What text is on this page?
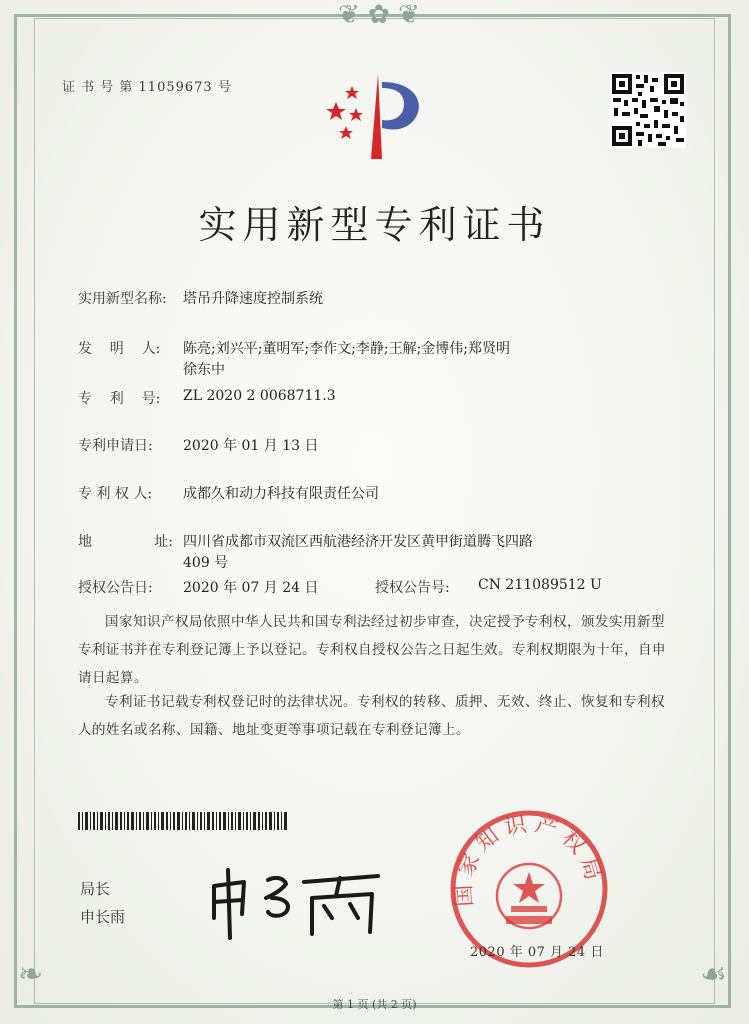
❦ ✿ ❦
❧	☙
证 书 号 第 11059673 号
实用新型专利证书
实用新型名称: 塔吊升降速度控制系统
发    明    人: 陈亮;刘兴平;董明军;李作文;李静;王解;金博伟;郑贤明
徐东中
专    利    号: ZL 2020 2 0068711.3
专利申请日: 2020 年 01 月 13 日
专 利 权 人: 成都久和动力科技有限责任公司
地              址: 四川省成都市双流区西航港经济开发区黄甲街道腾飞四路
409 号
授权公告日: 2020 年 07 月 24 日	授权公告号: CN 211089512 U
国家知识产权局依照中华人民共和国专利法经过初步审查，决定授予专利权，颁发实用新型专利证书并在专利登记簿上予以登记。专利权自授权公告之日起生效。专利权期限为十年，自申请日起算。
专利证书记载专利权登记时的法律状况。专利权的转移、质押、无效、终止、恢复和专利权人的姓名或名称、国籍、地址变更等事项记载在专利登记簿上。
局长
申长雨
国家知识产权局
2020 年 07 月 24 日
第 1 页 (共 2 页)
